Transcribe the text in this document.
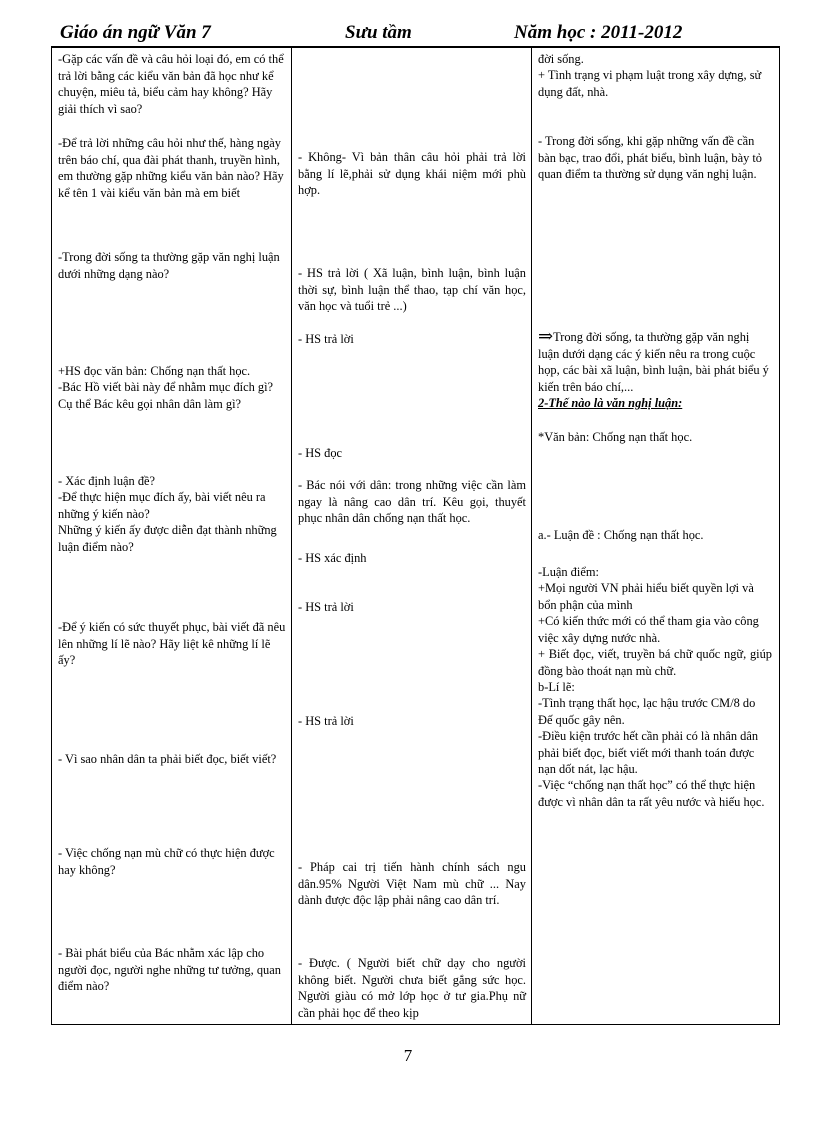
Giáo án ngữ Văn 7	Sưu tầm	Năm học : 2011-2012

-Gặp các vấn đề và câu hỏi loại đó, em có thể trả lời bằng các kiểu văn bản đã học như kể chuyện, miêu tả, biểu cảm hay không? Hãy giải thích vì sao?

-Để trả lời những câu hỏi như thế, hàng ngày trên báo chí, qua đài phát thanh, truyền hình, em thường gặp những kiểu văn bản nào? Hãy kể tên 1 vài kiểu văn bản mà em biết

-Trong đời sống ta thường gặp văn nghị luận dưới những dạng nào?

+HS đọc văn bản: Chống nạn thất học.

-Bác Hồ viết bài này để nhằm mục đích gì? Cụ thể Bác kêu gọi nhân dân làm gì?

- Xác định luận đề?

-Để thực hiện mục đích ấy, bài viết nêu ra những ý kiến nào?

Những ý kiến ấy được diễn đạt thành những luận điểm nào?

-Để ý kiến có sức thuyết phục, bài viết đã nêu lên những lí lẽ nào? Hãy liệt kê những lí lẽ ấy?

- Vì sao nhân dân ta phải biết đọc, biết viết?

- Việc chống nạn mù chữ có thực hiện được hay không?

- Bài phát biểu của Bác nhằm xác lập cho người đọc, người nghe những tư tưởng, quan điểm nào?

- Không- Vì bản thân câu hỏi phải trả lời bằng lí lẽ,phải sử dụng khái niệm mới phù hợp.

- HS trả lời ( Xã luận, bình luận, bình luận thời sự, bình luận thể thao, tạp chí văn học, văn học và tuổi trẻ ...)

- HS trả lời

- HS đọc

- Bác nói với dân: trong những việc cần làm ngay là nâng cao dân trí. Kêu gọi, thuyết phục nhân dân chống nạn thất học.

- HS xác định

- HS trả lời

- HS trả lời

- Pháp cai trị tiến hành chính sách ngu dân.95% Người Việt Nam mù chữ ... Nay dành được độc lập phải nâng cao dân trí.

- Được. ( Người biết chữ dạy cho người không biết. Người chưa biết gắng sức học. Người giàu có mở lớp học ở tư gia.Phụ nữ cần phải học để theo kịp

đời sống.

+ Tình trạng vi phạm luật trong xây dựng, sử dụng đất, nhà.

- Trong đời sống, khi gặp những vấn đề cần bàn bạc, trao đổi, phát biểu, bình luận, bày tỏ quan điểm ta thường sử dụng văn nghị luận.

⇒Trong đời sống, ta thường gặp văn nghị luận dưới dạng các ý kiến nêu ra trong cuộc họp, các bài xã luận, bình luận, bài phát biểu ý kiến trên báo chí,...

2-Thế nào là văn nghị luận:

*Văn bản: Chống nạn thất học.

a.- Luận đề : Chống nạn thất học.

-Luận điểm:

+Mọi người VN phải hiểu biết quyền lợi và bổn phận của mình

+Có kiến thức mới có thể tham gia vào công việc xây dựng nước nhà.

+ Biết đọc, viết, truyền bá chữ quốc ngữ, giúp đồng bào thoát nạn mù chữ.

b-Lí lẽ:

-Tình trạng thất học, lạc hậu trước CM/8 do Đế quốc gây nên.

-Điều kiện trước hết cần phải có là nhân dân phải biết đọc, biết viết mới thanh toán được nạn dốt nát, lạc hậu.

-Việc “chống nạn thất học” có thể thực hiện được vì nhân dân ta rất yêu nước và hiếu học.

7
